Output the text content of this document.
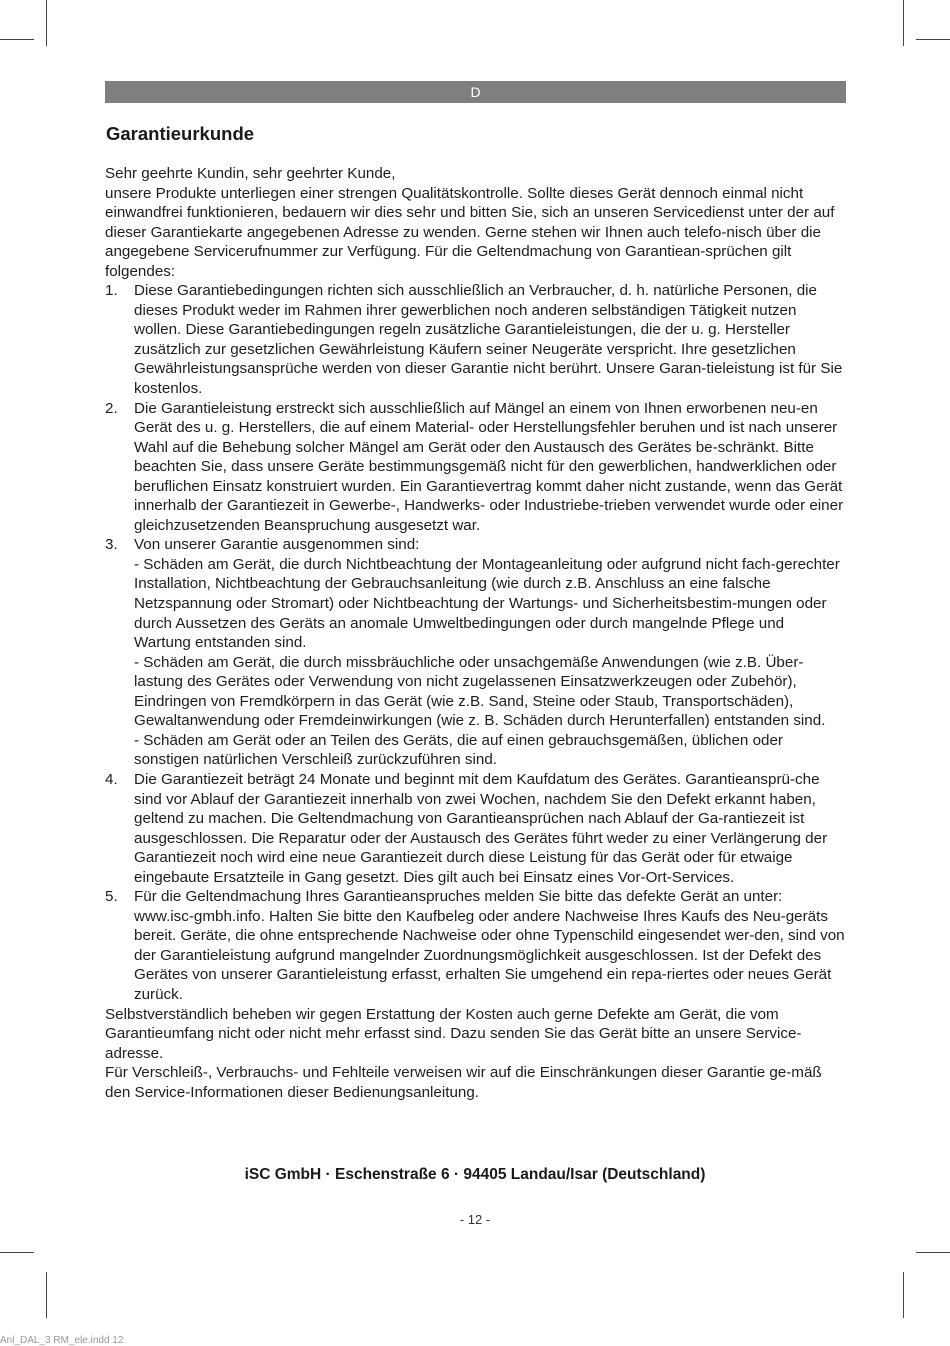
D
Garantieurkunde

Sehr geehrte Kundin, sehr geehrter Kunde,

unsere Produkte unterliegen einer strengen Qualitätskontrolle. Sollte dieses Gerät dennoch einmal nicht einwandfrei funktionieren, bedauern wir dies sehr und bitten Sie, sich an unseren Servicedienst unter der auf dieser Garantiekarte angegebenen Adresse zu wenden. Gerne stehen wir Ihnen auch telefo-nisch über die angegebene Servicerufnummer zur Verfügung. Für die Geltendmachung von Garantiean-sprüchen gilt folgendes:

1. Diese Garantiebedingungen richten sich ausschließlich an Verbraucher, d. h. natürliche Personen, die dieses Produkt weder im Rahmen ihrer gewerblichen noch anderen selbständigen Tätigkeit nutzen wollen. Diese Garantiebedingungen regeln zusätzliche Garantieleistungen, die der u. g. Hersteller zusätzlich zur gesetzlichen Gewährleistung Käufern seiner Neugeräte verspricht. Ihre gesetzlichen Gewährleistungsansprüche werden von dieser Garantie nicht berührt. Unsere Garan-tieleistung ist für Sie kostenlos.
2. Die Garantieleistung erstreckt sich ausschließlich auf Mängel an einem von Ihnen erworbenen neu-en Gerät des u. g. Herstellers, die auf einem Material- oder Herstellungsfehler beruhen und ist nach unserer Wahl auf die Behebung solcher Mängel am Gerät oder den Austausch des Gerätes be-schränkt. Bitte beachten Sie, dass unsere Geräte bestimmungsgemäß nicht für den gewerblichen, handwerklichen oder beruflichen Einsatz konstruiert wurden. Ein Garantievertrag kommt daher nicht zustande, wenn das Gerät innerhalb der Garantiezeit in Gewerbe-, Handwerks- oder Industriebe-trieben verwendet wurde oder einer gleichzusetzenden Beanspruchung ausgesetzt war.
3. Von unserer Garantie ausgenommen sind:
- Schäden am Gerät, die durch Nichtbeachtung der Montageanleitung oder aufgrund nicht fach-gerechter Installation, Nichtbeachtung der Gebrauchsanleitung (wie durch z.B. Anschluss an eine falsche Netzspannung oder Stromart) oder Nichtbeachtung der Wartungs- und Sicherheitsbestim-mungen oder durch Aussetzen des Geräts an anomale Umweltbedingungen oder durch mangelnde Pflege und Wartung entstanden sind.
- Schäden am Gerät, die durch missbräuchliche oder unsachgemäße Anwendungen (wie z.B. Über-lastung des Gerätes oder Verwendung von nicht zugelassenen Einsatzwerkzeugen oder Zubehör), Eindringen von Fremdkörpern in das Gerät (wie z.B. Sand, Steine oder Staub, Transportschäden), Gewaltanwendung oder Fremdeinwirkungen (wie z. B. Schäden durch Herunterfallen) entstanden sind.
- Schäden am Gerät oder an Teilen des Geräts, die auf einen gebrauchsgemäßen, üblichen oder sonstigen natürlichen Verschleiß zurückzuführen sind.
4. Die Garantiezeit beträgt 24 Monate und beginnt mit dem Kaufdatum des Gerätes. Garantieansprü-che sind vor Ablauf der Garantiezeit innerhalb von zwei Wochen, nachdem Sie den Defekt erkannt haben, geltend zu machen. Die Geltendmachung von Garantieansprüchen nach Ablauf der Ga-rantiezeit ist ausgeschlossen. Die Reparatur oder der Austausch des Gerätes führt weder zu einer Verlängerung der Garantiezeit noch wird eine neue Garantiezeit durch diese Leistung für das Gerät oder für etwaige eingebaute Ersatzteile in Gang gesetzt. Dies gilt auch bei Einsatz eines Vor-Ort-Services.
5. Für die Geltendmachung Ihres Garantieanspruches melden Sie bitte das defekte Gerät an unter: www.isc-gmbh.info. Halten Sie bitte den Kaufbeleg oder andere Nachweise Ihres Kaufs des Neu-geräts bereit. Geräte, die ohne entsprechende Nachweise oder ohne Typenschild eingesendet wer-den, sind von der Garantieleistung aufgrund mangelnder Zuordnungsmöglichkeit ausgeschlossen. Ist der Defekt des Gerätes von unserer Garantieleistung erfasst, erhalten Sie umgehend ein repa-riertes oder neues Gerät zurück.

Selbstverständlich beheben wir gegen Erstattung der Kosten auch gerne Defekte am Gerät, die vom Garantieumfang nicht oder nicht mehr erfasst sind. Dazu senden Sie das Gerät bitte an unsere Service-adresse.

Für Verschleiß-, Verbrauchs- und Fehlteile verweisen wir auf die Einschränkungen dieser Garantie ge-mäß den Service-Informationen dieser Bedienungsanleitung.

iSC GmbH · Eschenstraße 6 · 94405 Landau/Isar (Deutschland)
- 12 -
Anl_DAL_3 RM_ele.indd 12
